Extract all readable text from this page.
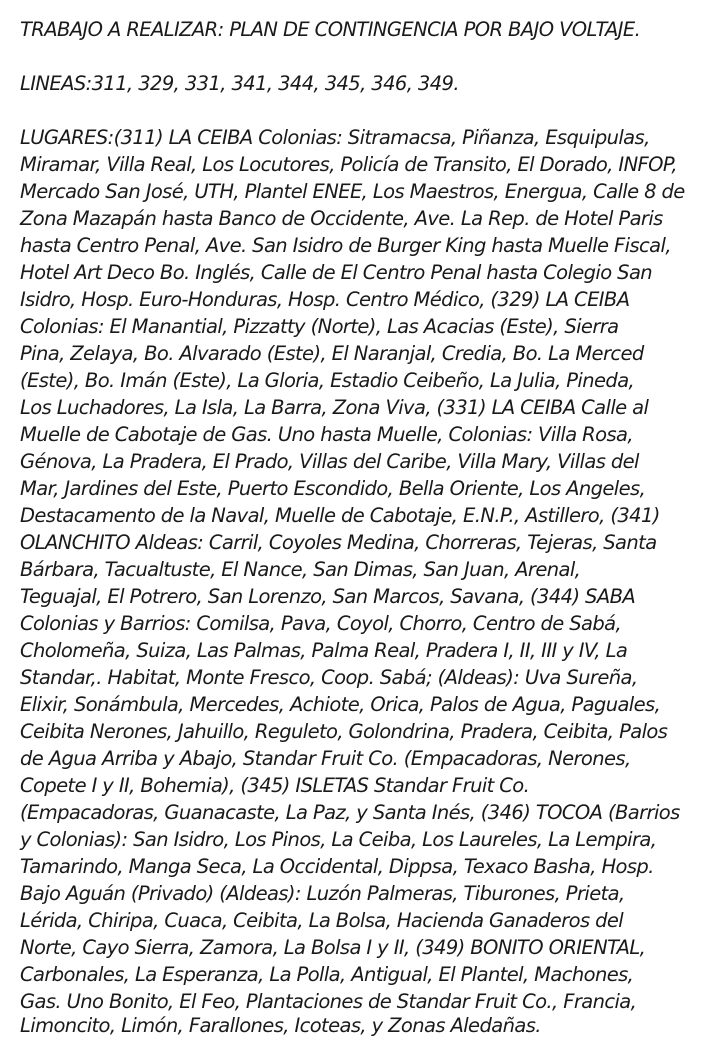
TRABAJO A REALIZAR: PLAN DE CONTINGENCIA POR BAJO VOLTAJE.
LINEAS:311, 329, 331, 341, 344, 345, 346, 349.
LUGARES:(311) LA CEIBA Colonias: Sitramacsa, Piñanza, Esquipulas,
Miramar, Villa Real, Los Locutores, Policía de Transito, El Dorado, INFOP,
Mercado San José, UTH, Plantel ENEE, Los Maestros, Energua, Calle 8 de
Zona Mazapán hasta Banco de Occidente, Ave. La Rep. de Hotel Paris
hasta Centro Penal, Ave. San Isidro de Burger King hasta Muelle Fiscal,
Hotel Art Deco Bo. Inglés, Calle de El Centro Penal hasta Colegio San
Isidro, Hosp. Euro-Honduras, Hosp. Centro Médico, (329) LA CEIBA
Colonias: El Manantial, Pizzatty (Norte), Las Acacias (Este), Sierra
Pina, Zelaya, Bo. Alvarado (Este), El Naranjal, Credia, Bo. La Merced
(Este), Bo. Imán (Este), La Gloria, Estadio Ceibeño, La Julia, Pineda,
Los Luchadores, La Isla, La Barra, Zona Viva, (331) LA CEIBA Calle al
Muelle de Cabotaje de Gas. Uno hasta Muelle, Colonias: Villa Rosa,
Génova, La Pradera, El Prado, Villas del Caribe, Villa Mary, Villas del
Mar, Jardines del Este, Puerto Escondido, Bella Oriente, Los Angeles,
Destacamento de la Naval, Muelle de Cabotaje, E.N.P., Astillero, (341)
OLANCHITO Aldeas: Carril, Coyoles Medina, Chorreras, Tejeras, Santa
Bárbara, Tacualtuste, El Nance, San Dimas, San Juan, Arenal,
Teguajal, El Potrero, San Lorenzo, San Marcos, Savana, (344) SABA
Colonias y Barrios: Comilsa, Pava, Coyol, Chorro, Centro de Sabá,
Cholomeña, Suiza, Las Palmas, Palma Real, Pradera I, II, III y IV, La
Standar,. Habitat, Monte Fresco, Coop. Sabá; (Aldeas): Uva Sureña,
Elixir, Sonámbula, Mercedes, Achiote, Orica, Palos de Agua, Paguales,
Ceibita Nerones, Jahuillo, Reguleto, Golondrina, Pradera, Ceibita, Palos
de Agua Arriba y Abajo, Standar Fruit Co. (Empacadoras, Nerones,
Copete I y II, Bohemia), (345) ISLETAS Standar Fruit Co.
(Empacadoras, Guanacaste, La Paz, y Santa Inés, (346) TOCOA (Barrios
y Colonias): San Isidro, Los Pinos, La Ceiba, Los Laureles, La Lempira,
Tamarindo, Manga Seca, La Occidental, Dippsa, Texaco Basha, Hosp.
Bajo Aguán (Privado) (Aldeas): Luzón Palmeras, Tiburones, Prieta,
Lérida, Chiripa, Cuaca, Ceibita, La Bolsa, Hacienda Ganaderos del
Norte, Cayo Sierra, Zamora, La Bolsa I y II, (349) BONITO ORIENTAL,
Carbonales, La Esperanza, La Polla, Antigual, El Plantel, Machones,
Gas. Uno Bonito, El Feo, Plantaciones de Standar Fruit Co., Francia,
Limoncito, Limón, Farallones, Icoteas, y Zonas Aledañas.
